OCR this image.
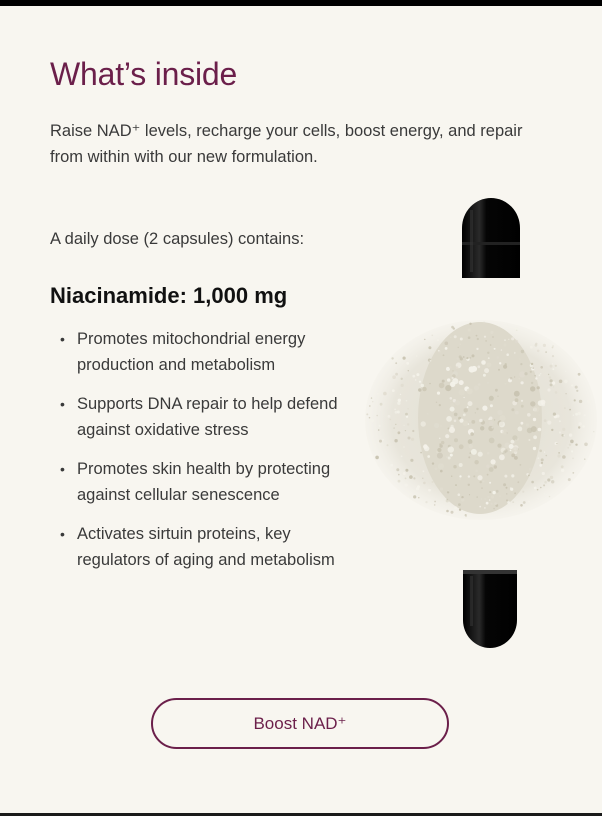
What’s inside

Raise NAD⁺ levels, recharge your cells, boost energy, and repair from within with our new formulation.

A daily dose (2 capsules) contains:

Niacinamide: 1,000 mg
• Promotes mitochondrial energy production and metabolism
• Supports DNA repair to help defend against oxidative stress
• Promotes skin health by protecting against cellular senescence
• Activates sirtuin proteins, key regulators of aging and metabolism
Boost NAD⁺
